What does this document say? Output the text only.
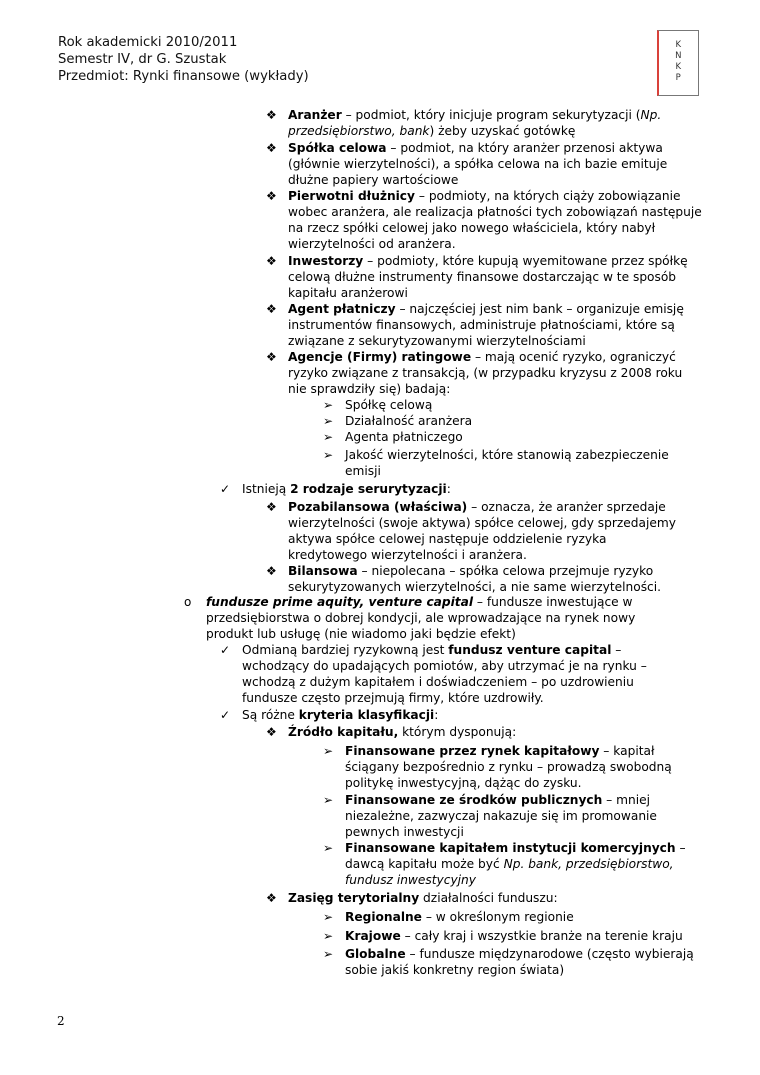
Rok akademicki 2010/2011
Semestr IV, dr G. Szustak
Przedmiot: Rynki finansowe (wykłady)
K
N
K
P
❖ Aranżer – podmiot, który inicjuje program sekurytyzacji (Np. przedsiębiorstwo, bank) żeby uzyskać gotówkę
❖ Spółka celowa – podmiot, na który aranżer przenosi aktywa (głównie wierzytelności), a spółka celowa na ich bazie emituje dłużne papiery wartościowe
❖ Pierwotni dłużnicy – podmioty, na których ciąży zobowiązanie wobec aranżera, ale realizacja płatności tych zobowiązań następuje na rzecz spółki celowej jako nowego właściciela, który nabył wierzytelności od aranżera.
❖ Inwestorzy – podmioty, które kupują wyemitowane przez spółkę celową dłużne instrumenty finansowe dostarczając w te sposób kapitału aranżerowi
❖ Agent płatniczy – najczęściej jest nim bank – organizuje emisję instrumentów finansowych, administruje płatnościami, które są związane z sekurytyzowanymi wierzytelnościami
❖ Agencje (Firmy) ratingowe – mają ocenić ryzyko, ograniczyć ryzyko związane z transakcją, (w przypadku kryzysu z 2008 roku nie sprawdziły się) badają:
➢ Spółkę celową
➢ Działalność aranżera
➢ Agenta płatniczego
➢ Jakość wierzytelności, które stanowią zabezpieczenie emisji
✓ Istnieją 2 rodzaje serurytyzacji:
❖ Pozabilansowa (właściwa) – oznacza, że aranżer sprzedaje wierzytelności (swoje aktywa) spółce celowej, gdy sprzedajemy aktywa spółce celowej następuje oddzielenie ryzyka kredytowego wierzytelności i aranżera.
❖ Bilansowa – niepolecana – spółka celowa przejmuje ryzyko sekurytyzowanych wierzytelności, a nie same wierzytelności.
o fundusze prime aquity, venture capital – fundusze inwestujące w przedsiębiorstwa o dobrej kondycji, ale wprowadzające na rynek nowy produkt lub usługę (nie wiadomo jaki będzie efekt)
✓ Odmianą bardziej ryzykowną jest fundusz venture capital – wchodzący do upadających pomiotów, aby utrzymać je na rynku – wchodzą z dużym kapitałem i doświadczeniem – po uzdrowieniu fundusze często przejmują firmy, które uzdrowiły.
✓ Są różne kryteria klasyfikacji:
❖ Źródło kapitału, którym dysponują:
➢ Finansowane przez rynek kapitałowy – kapitał ściągany bezpośrednio z rynku – prowadzą swobodną politykę inwestycyjną, dążąc do zysku.
➢ Finansowane ze środków publicznych – mniej niezależne, zazwyczaj nakazuje się im promowanie pewnych inwestycji
➢ Finansowane kapitałem instytucji komercyjnych – dawcą kapitału może być Np. bank, przedsiębiorstwo, fundusz inwestycyjny
❖ Zasięg terytorialny działalności funduszu:
➢ Regionalne – w określonym regionie
➢ Krajowe – cały kraj i wszystkie branże na terenie kraju
➢ Globalne – fundusze międzynarodowe (często wybierają sobie jakiś konkretny region świata)
2
